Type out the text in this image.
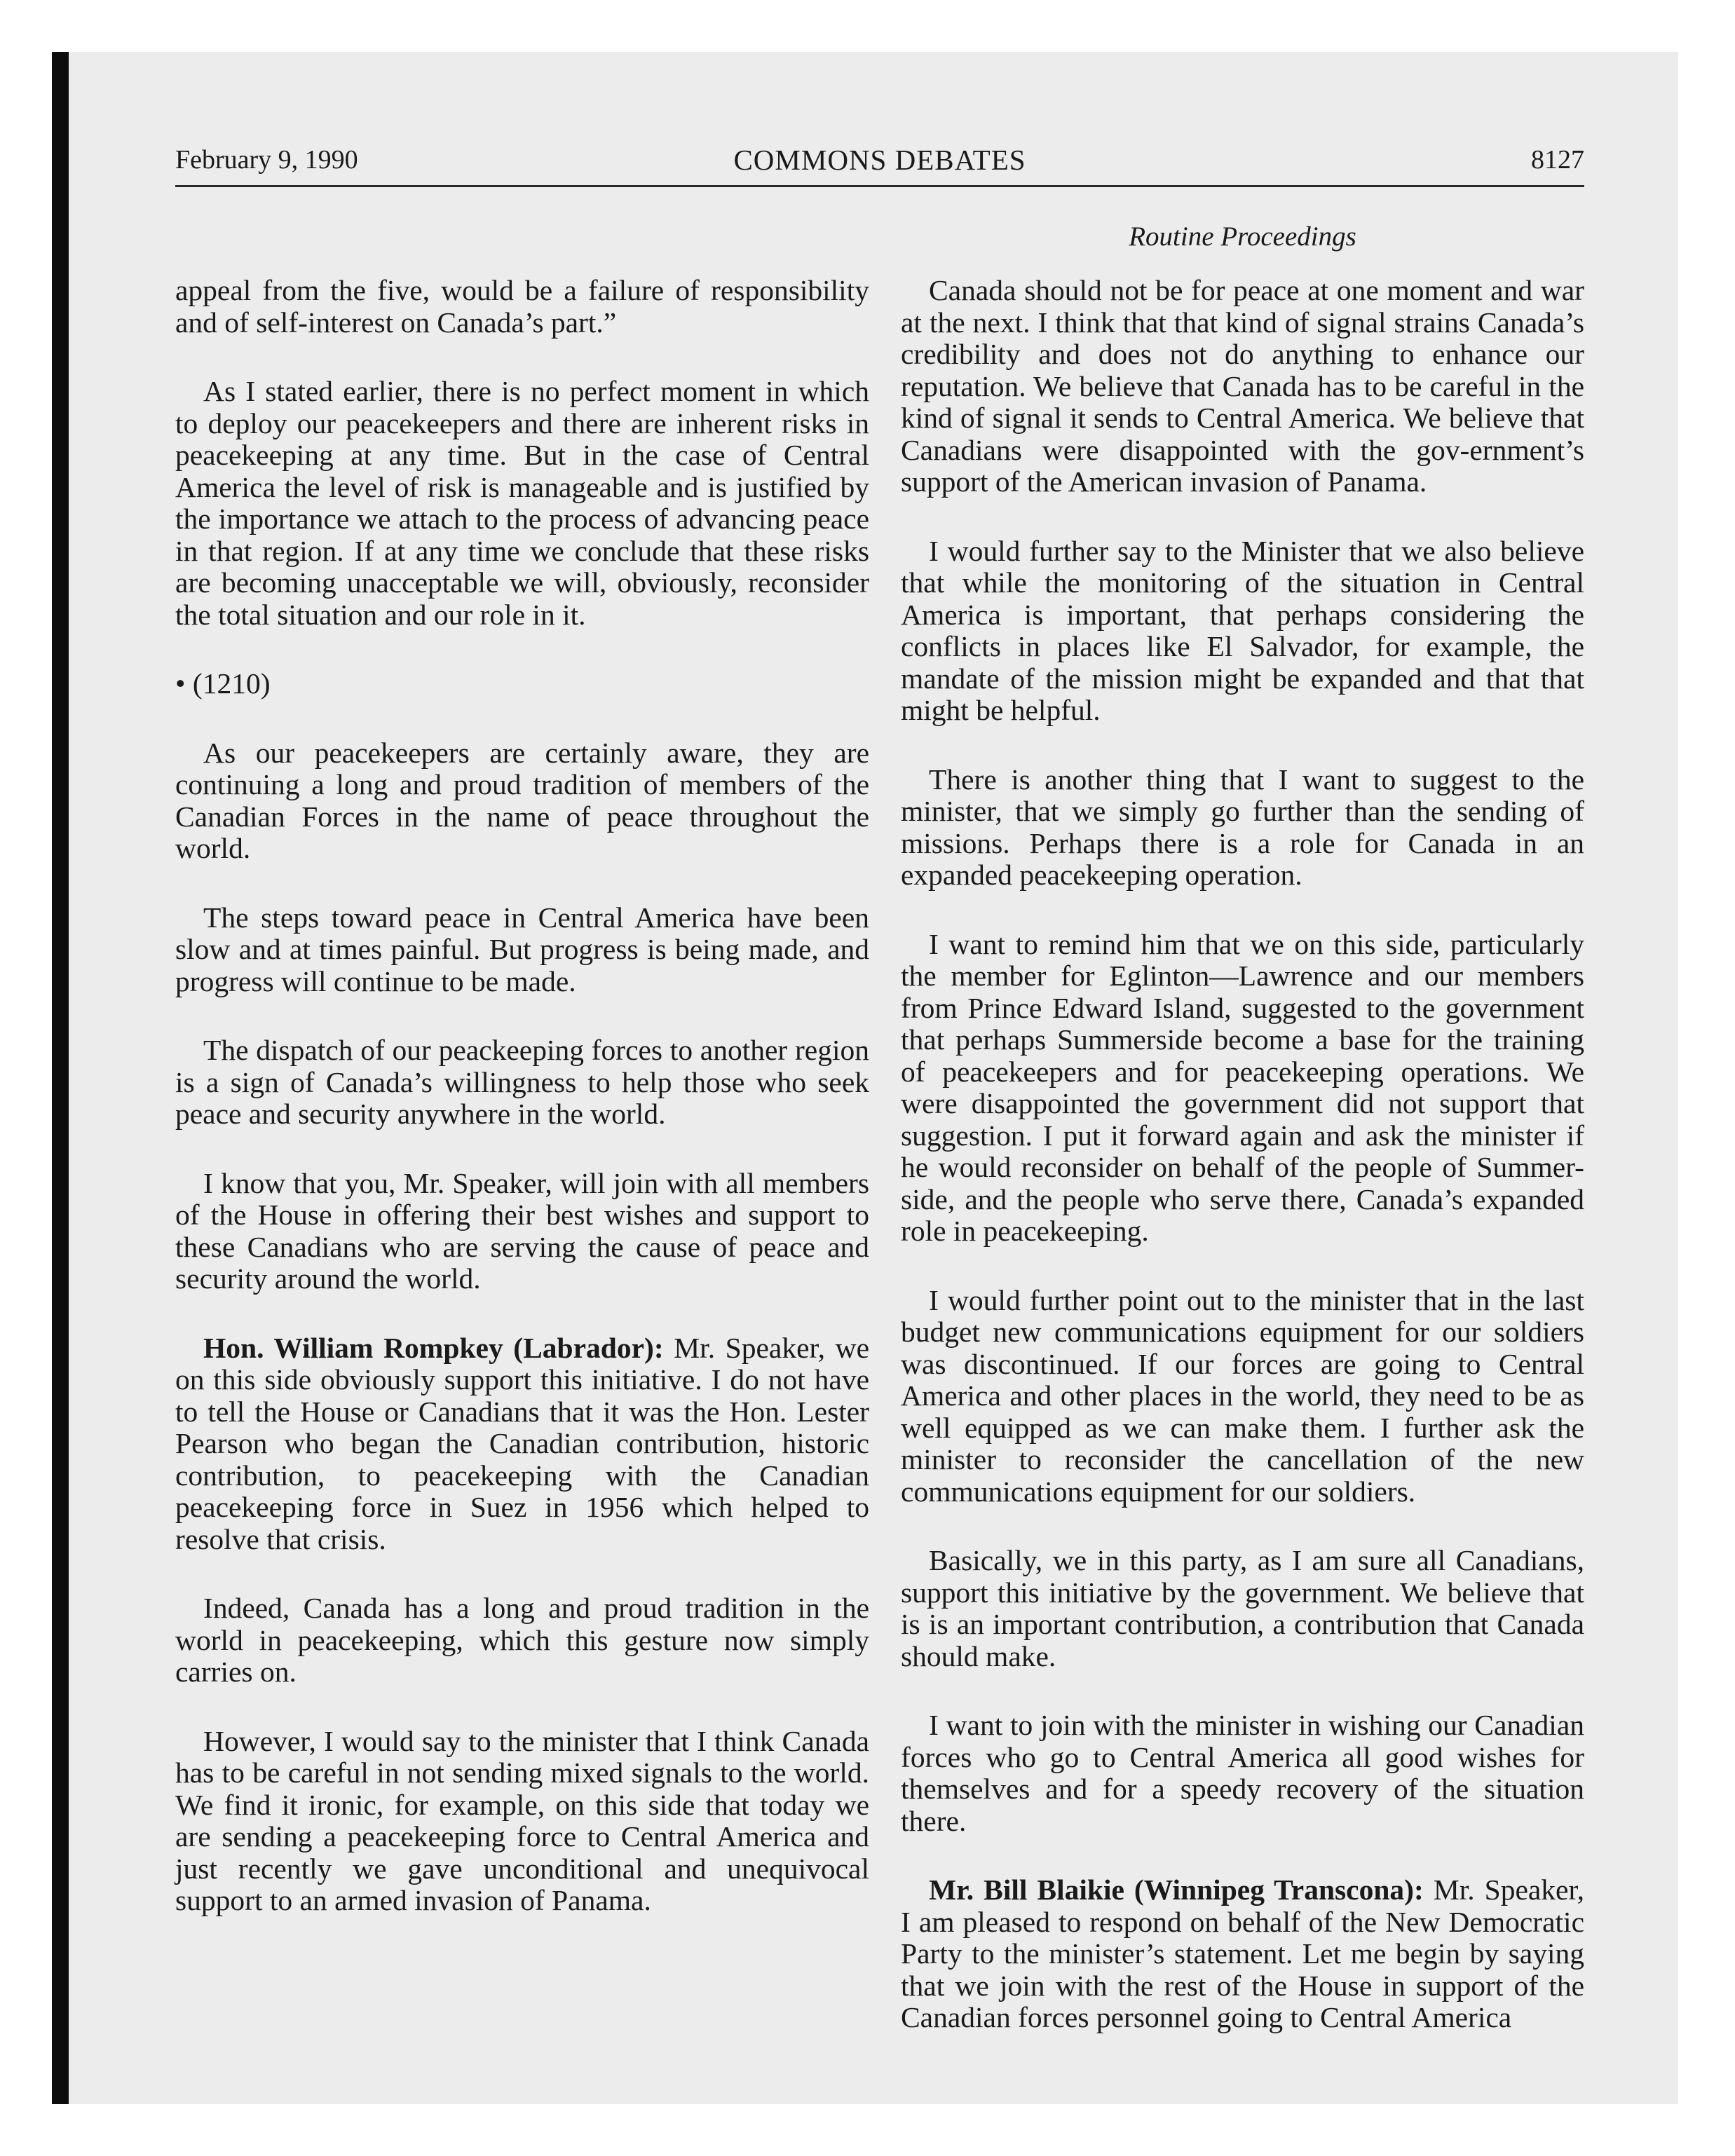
February 9, 1990	COMMONS DEBATES	8127
Routine Proceedings

appeal from the five, would be a failure of responsibility and of self-interest on Canada’s part.”

As I stated earlier, there is no perfect moment in which to deploy our peacekeepers and there are inherent risks in peacekeeping at any time. But in the case of Central America the level of risk is manageable and is justified by the importance we attach to the process of advancing peace in that region. If at any time we conclude that these risks are becoming unacceptable we will, obviously, reconsider the total situation and our role in it.

• (1210)

As our peacekeepers are certainly aware, they are continuing a long and proud tradition of members of the Canadian Forces in the name of peace throughout the world.

The steps toward peace in Central America have been slow and at times painful. But progress is being made, and progress will continue to be made.

The dispatch of our peackeeping forces to another region is a sign of Canada’s willingness to help those who seek peace and security anywhere in the world.

I know that you, Mr. Speaker, will join with all members of the House in offering their best wishes and support to these Canadians who are serving the cause of peace and security around the world.

Hon. William Rompkey (Labrador): Mr. Speaker, we on this side obviously support this initiative. I do not have to tell the House or Canadians that it was the Hon. Lester Pearson who began the Canadian contribution, historic contribution, to peacekeeping with the Canadian peacekeeping force in Suez in 1956 which helped to resolve that crisis.

Indeed, Canada has a long and proud tradition in the world in peacekeeping, which this gesture now simply carries on.

However, I would say to the minister that I think Canada has to be careful in not sending mixed signals to the world. We find it ironic, for example, on this side that today we are sending a peacekeeping force to Central America and just recently we gave unconditional and unequivocal support to an armed invasion of Panama.

Canada should not be for peace at one moment and war at the next. I think that that kind of signal strains Canada’s credibility and does not do anything to enhance our reputation. We believe that Canada has to be careful in the kind of signal it sends to Central America. We believe that Canadians were disappointed with the gov-ernment’s support of the American invasion of Panama.

I would further say to the Minister that we also believe that while the monitoring of the situation in Central America is important, that perhaps considering the conflicts in places like El Salvador, for example, the mandate of the mission might be expanded and that that might be helpful.

There is another thing that I want to suggest to the minister, that we simply go further than the sending of missions. Perhaps there is a role for Canada in an expanded peacekeeping operation.

I want to remind him that we on this side, particularly the member for Eglinton—Lawrence and our members from Prince Edward Island, suggested to the government that perhaps Summerside become a base for the training of peacekeepers and for peacekeeping operations. We were disappointed the government did not support that suggestion. I put it forward again and ask the minister if he would reconsider on behalf of the people of Summer-side, and the people who serve there, Canada’s expanded role in peacekeeping.

I would further point out to the minister that in the last budget new communications equipment for our soldiers was discontinued. If our forces are going to Central America and other places in the world, they need to be as well equipped as we can make them. I further ask the minister to reconsider the cancellation of the new communications equipment for our soldiers.

Basically, we in this party, as I am sure all Canadians, support this initiative by the government. We believe that is is an important contribution, a contribution that Canada should make.

I want to join with the minister in wishing our Canadian forces who go to Central America all good wishes for themselves and for a speedy recovery of the situation there.

Mr. Bill Blaikie (Winnipeg Transcona): Mr. Speaker, I am pleased to respond on behalf of the New Democratic Party to the minister’s statement. Let me begin by saying that we join with the rest of the House in support of the Canadian forces personnel going to Central America
